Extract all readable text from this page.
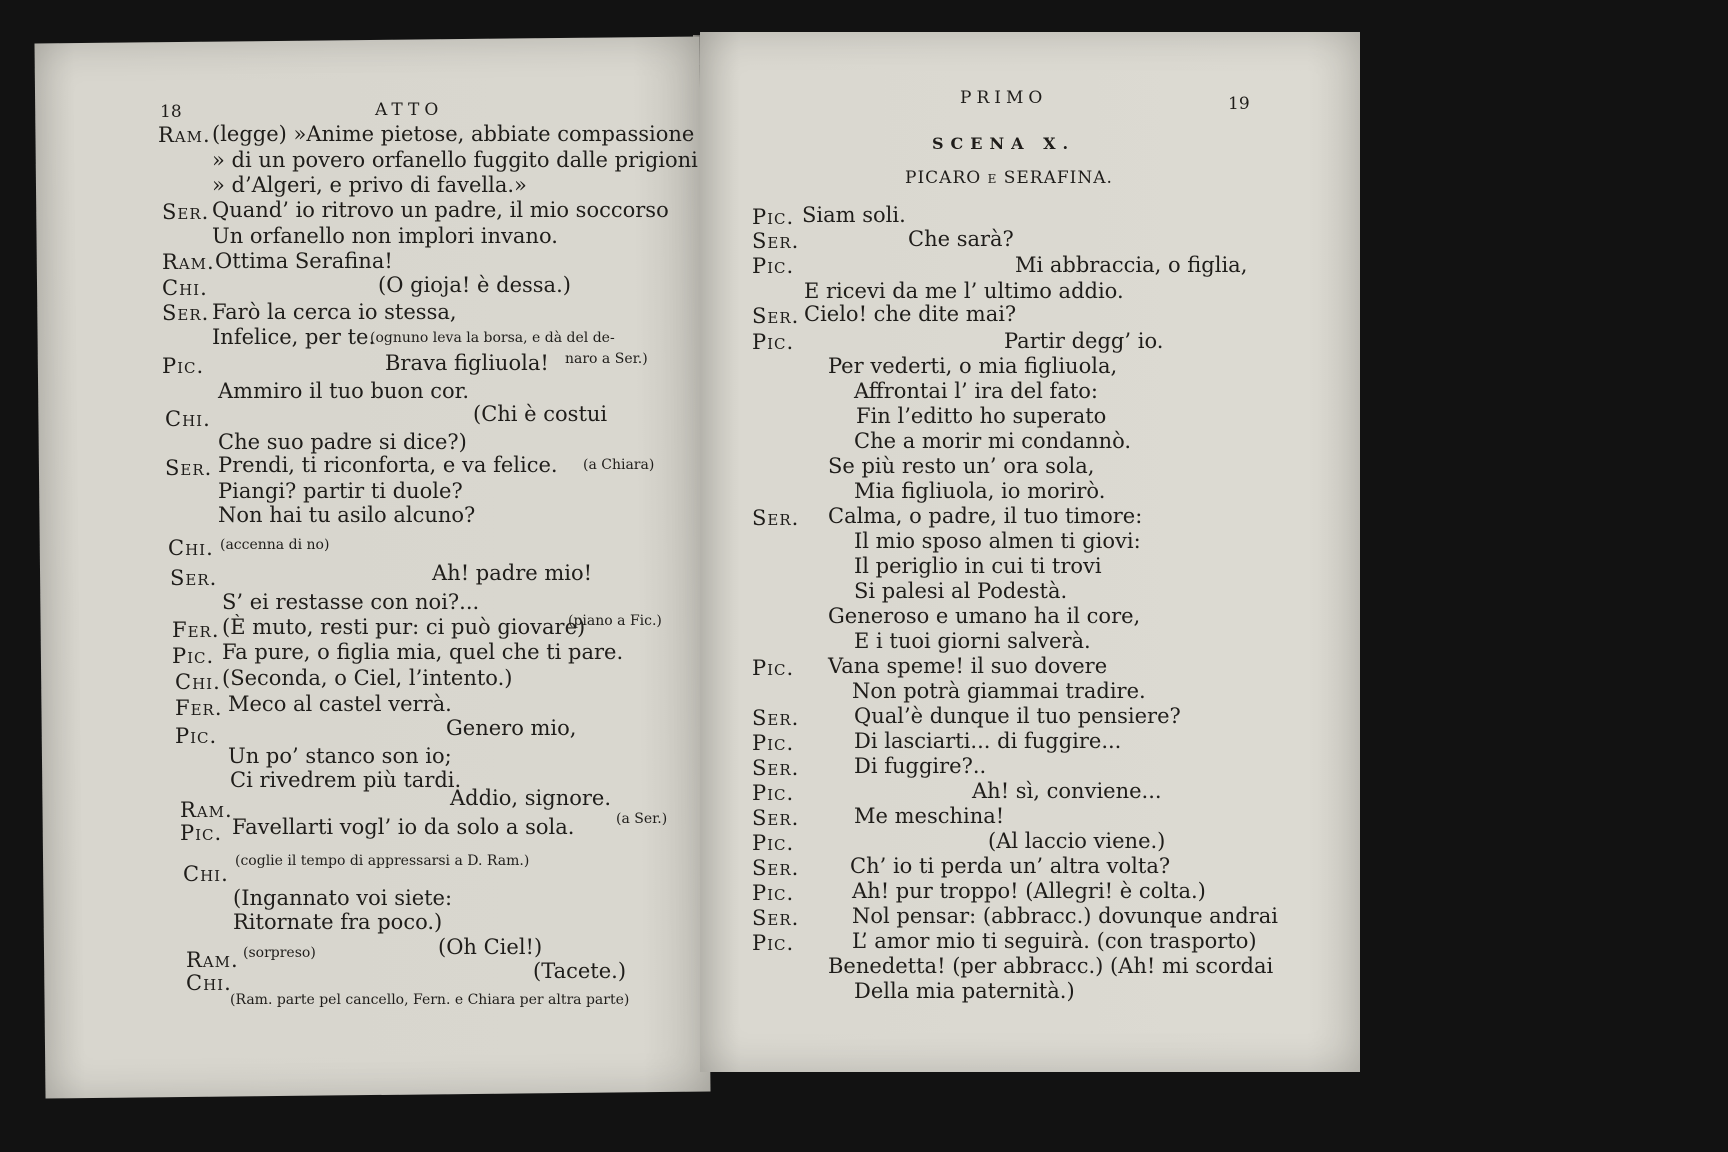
18	ATTO
Ram. (legge) »Anime pietose, abbiate compassione
» di un povero orfanello fuggito dalle prigioni
» d’Algeri, e privo di favella.»
Ser. Quand’ io ritrovo un padre, il mio soccorso
Un orfanello non implori invano.
Ram. Ottima Serafina!
Chi.	(O gioja! è dessa.)
Ser. Farò la cerca io stessa,
Infelice, per te.
(ognuno leva la borsa, e dà del de-
Pic.	Brava figliuola! naro a Ser.)
Ammiro il tuo buon cor.
Chi.	(Chi è costui
Che suo padre si dice?)
Ser. Prendi, ti riconforta, e va felice. (a Chiara)
Piangi? partir ti duole?
Non hai tu asilo alcuno?
Chi. (accenna di no)
Ser.	Ah! padre mio!
S’ ei restasse con noi?...
Fer. (È muto, resti pur: ci può giovare)
(piano a Fic.)
Pic. Fa pure, o figlia mia, quel che ti pare.
Chi. (Seconda, o Ciel, l’intento.)
Fer. Meco al castel verrà.
Pic.	Genero mio,
Un po’ stanco son io;
Ci rivedrem più tardi.
Ram.	Addio, signore.
Pic. Favellarti vogl’ io da solo a sola.	(a Ser.)
Chi.
(coglie il tempo di appressarsi a D. Ram.)
(Ingannato voi siete:
Ritornate fra poco.)
Ram. (sorpreso)	(Oh Ciel!)
Chi.	(Tacete.)
(Ram. parte pel cancello, Fern. e Chiara per altra parte)
PRIMO	19
SCENA X.
PICARO e SERAFINA.
Pic. Siam soli.
Ser.	Che sarà?
Pic.	Mi abbraccia, o figlia,
E ricevi da me l’ ultimo addio.
Ser. Cielo! che dite mai?
Pic.	Partir degg’ io.
Per vederti, o mia figliuola,
Affrontai l’ ira del fato:
Fin l’editto ho superato
Che a morir mi condannò.
Se più resto un’ ora sola,
Mia figliuola, io morirò.
Ser. Calma, o padre, il tuo timore:
Il mio sposo almen ti giovi:
Il periglio in cui ti trovi
Si palesi al Podestà.
Generoso e umano ha il core,
E i tuoi giorni salverà.
Pic. Vana speme! il suo dovere
Non potrà giammai tradire.
Ser.	Qual’è dunque il tuo pensiere?
Pic.	Di lasciarti... di fuggire...
Ser.	Di fuggire?..
Pic.	Ah! sì, conviene...
Ser.	Me meschina!
Pic.	(Al laccio viene.)
Ser. Ch’ io ti perda un’ altra volta?
Pic.	Ah! pur troppo! (Allegri! è colta.)
Ser.	Nol pensar: (abbracc.) dovunque andrai
Pic.	L’ amor mio ti seguirà. (con trasporto)
Benedetta! (per abbracc.) (Ah! mi scordai
Della mia paternità.)
